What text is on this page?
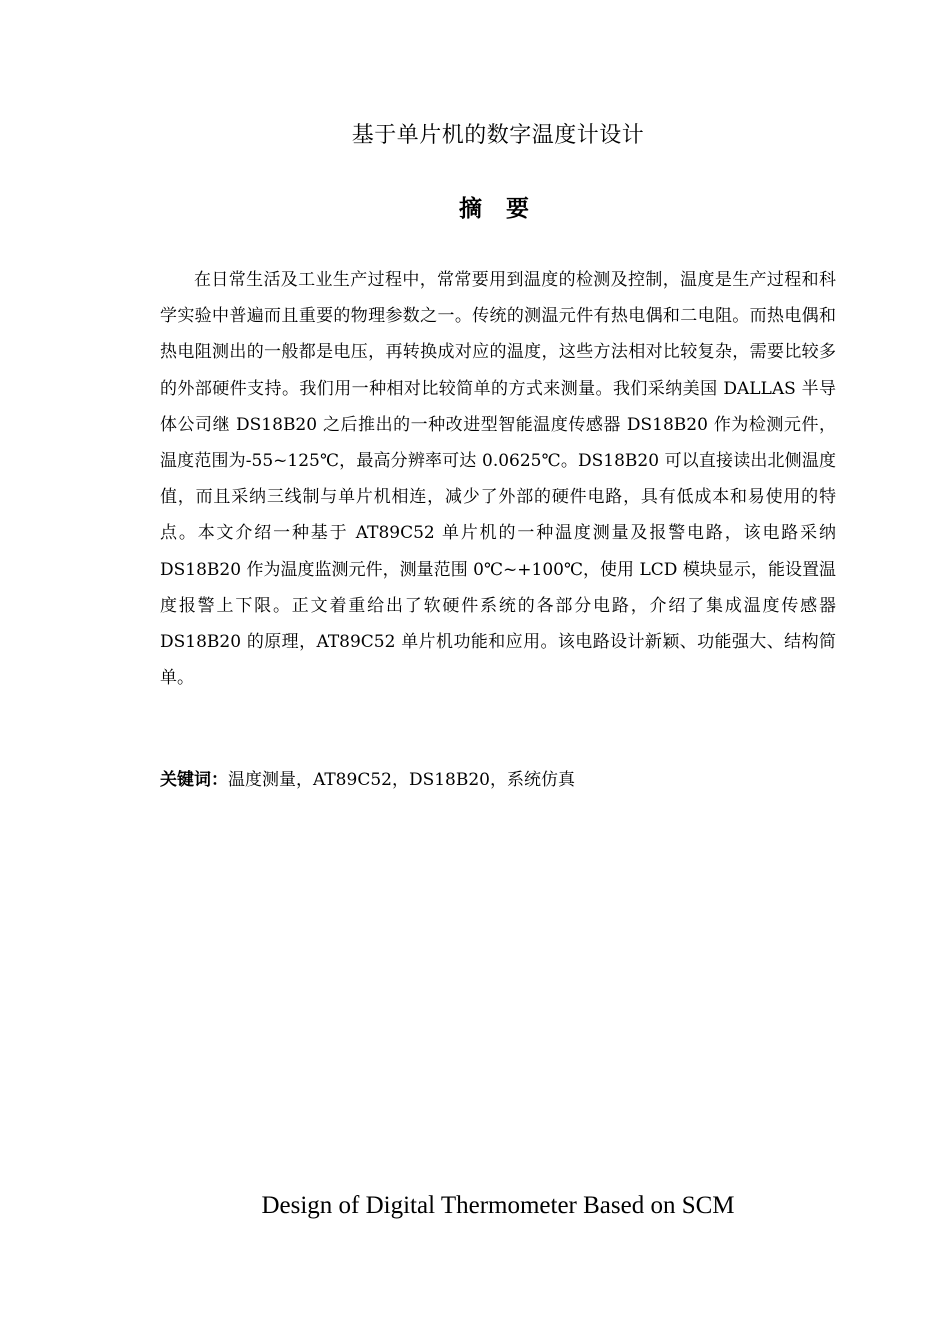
基于单片机的数字温度计设计
摘 要
在日常生活及工业生产过程中，常常要用到温度的检测及控制，温度是生产过程和科学实验中普遍而且重要的物理参数之一。传统的测温元件有热电偶和二电阻。而热电偶和热电阻测出的一般都是电压，再转换成对应的温度，这些方法相对比较复杂，需要比较多的外部硬件支持。我们用一种相对比较简单的方式来测量。我们采纳美国 DALLAS 半导体公司继 DS18B20 之后推出的一种改进型智能温度传感器 DS18B20 作为检测元件，温度范围为-55~125℃，最高分辨率可达 0.0625℃。DS18B20 可以直接读出北侧温度值，而且采纳三线制与单片机相连，减少了外部的硬件电路，具有低成本和易使用的特点。本文介绍一种基于 AT89C52 单片机的一种温度测量及报警电路，该电路采纳 DS18B20 作为温度监测元件，测量范围 0℃~+100℃，使用 LCD 模块显示，能设置温度报警上下限。正文着重给出了软硬件系统的各部分电路，介绍了集成温度传感器 DS18B20 的原理，AT89C52 单片机功能和应用。该电路设计新颖、功能强大、结构简单。
关键词：温度测量，AT89C52，DS18B20，系统仿真
Design of Digital Thermometer Based on SCM
